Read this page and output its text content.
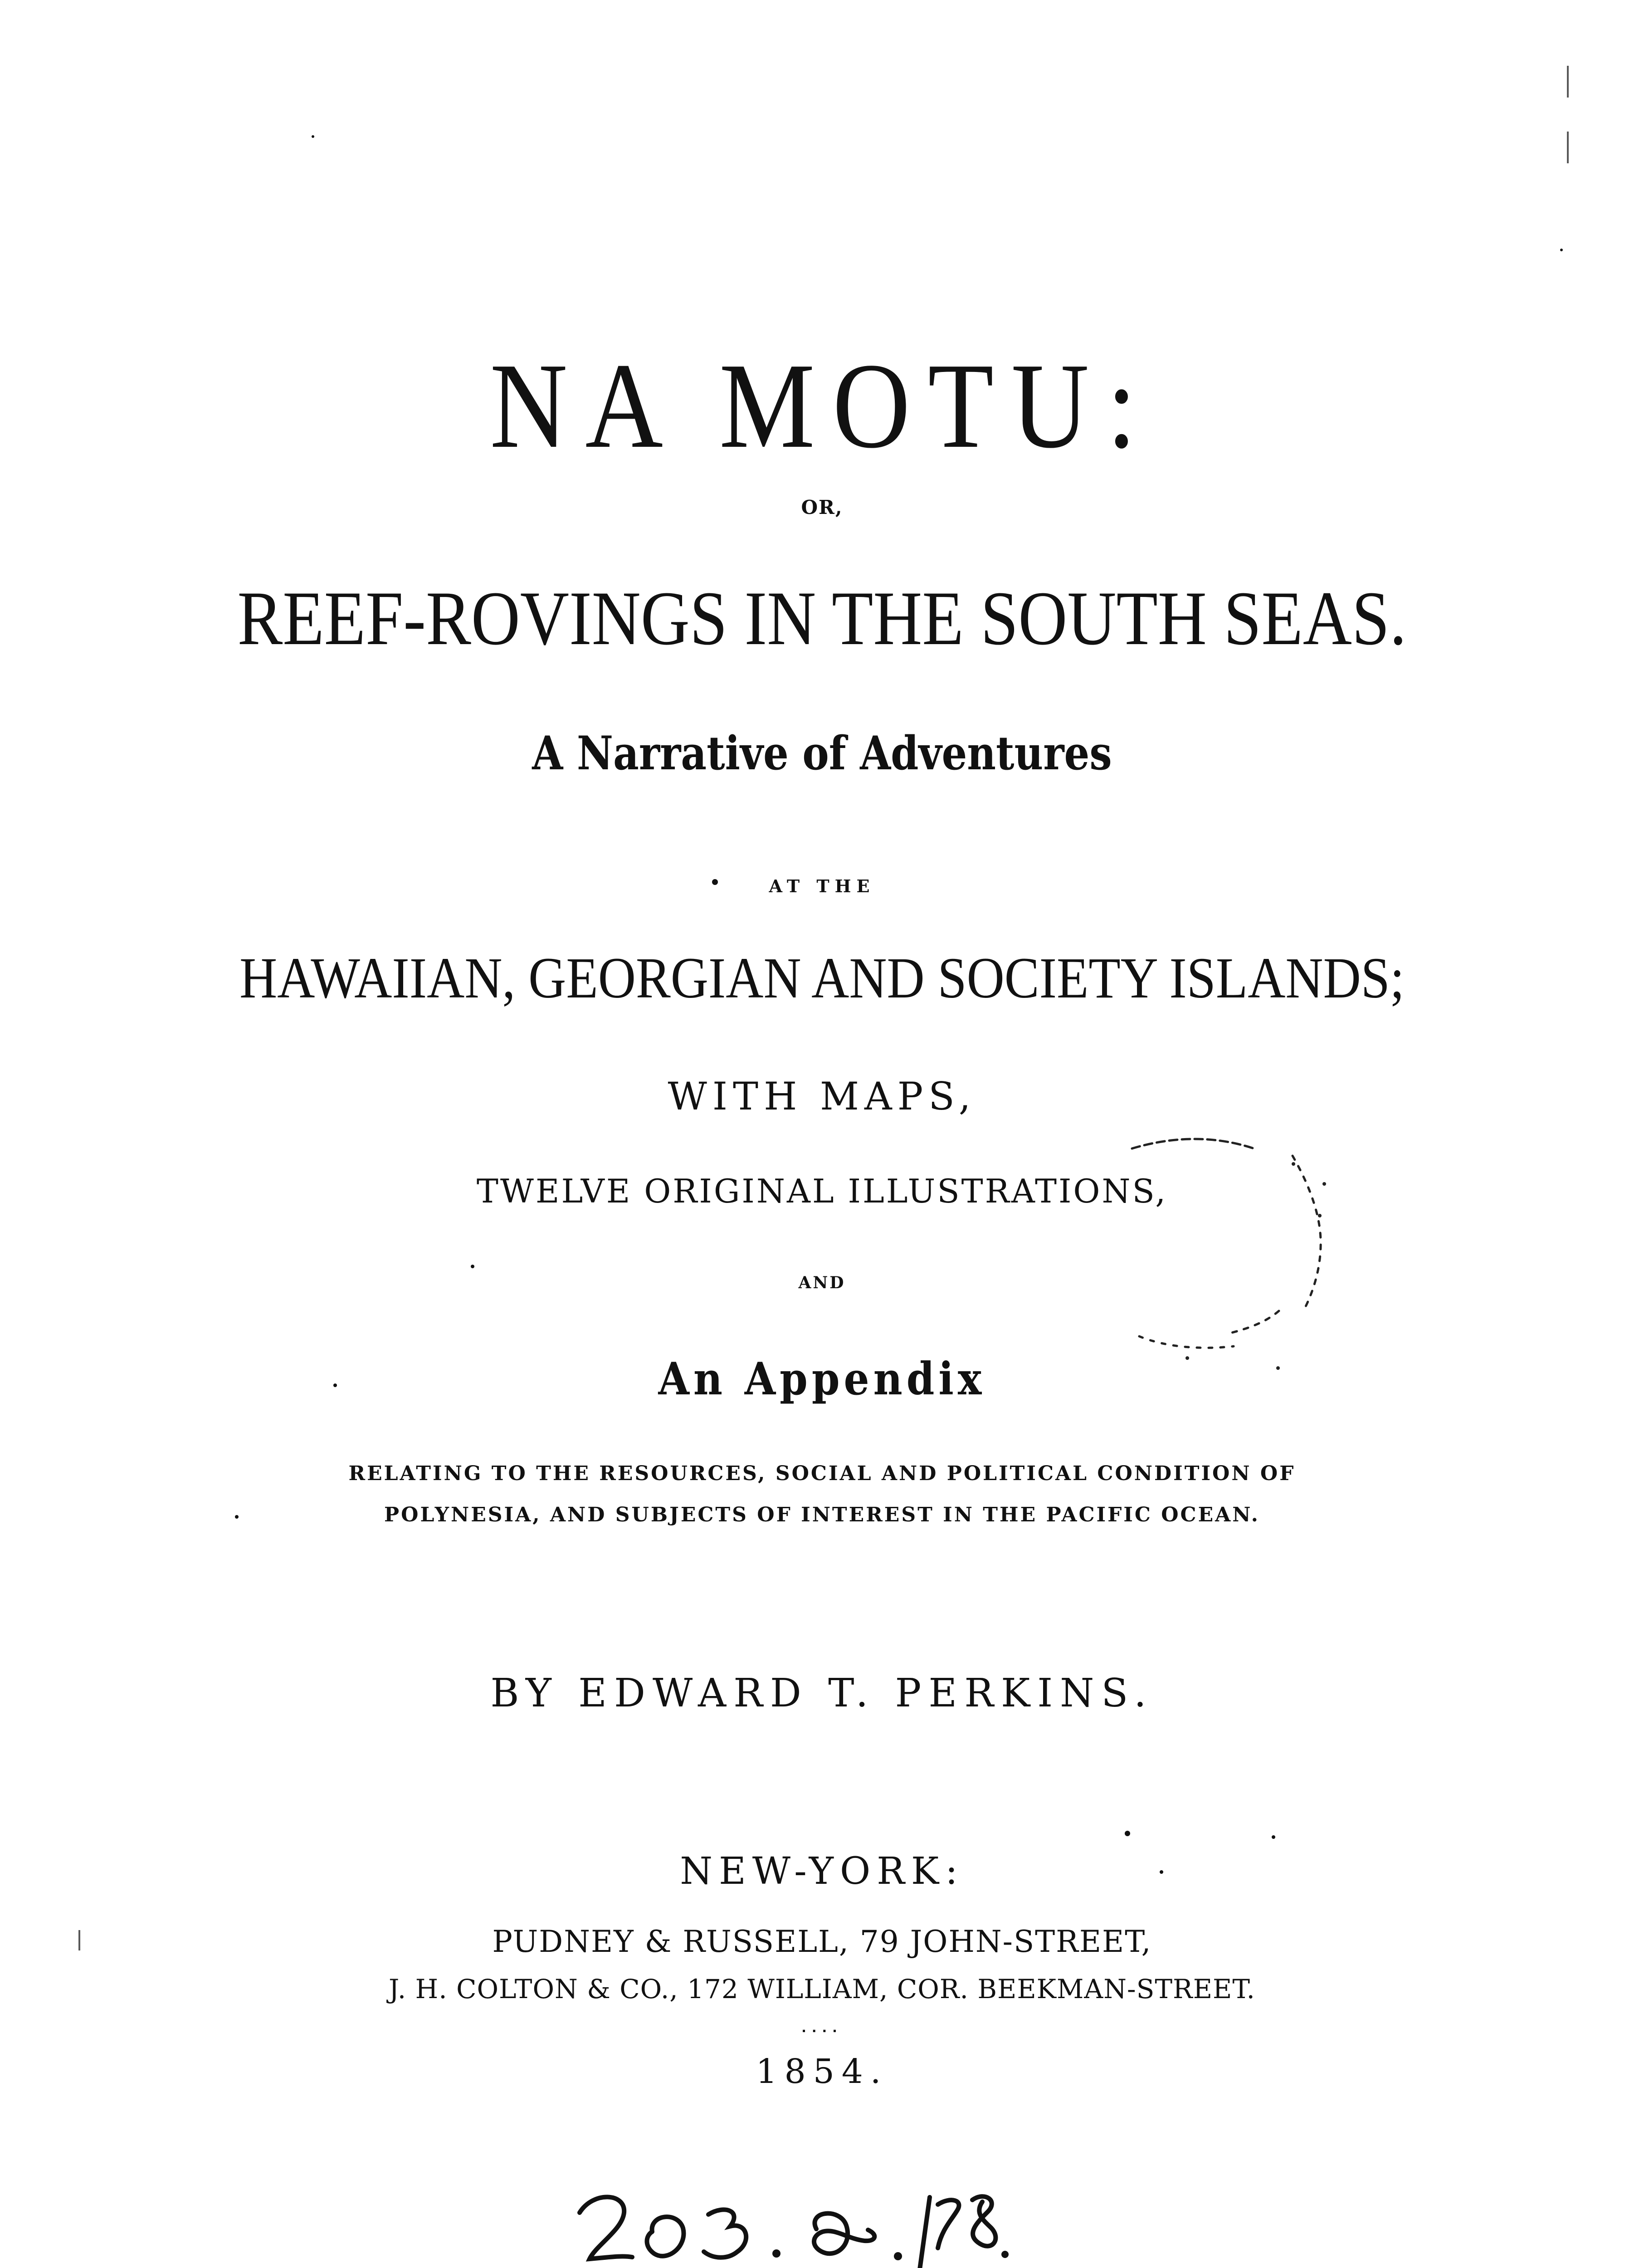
NA MOTU:
OR,
REEF-ROVINGS IN THE SOUTH SEAS.
A Narrative of Adventures
AT THE
HAWAIIAN, GEORGIAN AND SOCIETY ISLANDS;
WITH MAPS,
TWELVE ORIGINAL ILLUSTRATIONS,
AND
An Appendix
RELATING TO THE RESOURCES, SOCIAL AND POLITICAL CONDITION OF
POLYNESIA, AND SUBJECTS OF INTEREST IN THE PACIFIC OCEAN.
BY EDWARD T. PERKINS.
NEW-YORK:
PUDNEY & RUSSELL, 79 JOHN-STREET,
J. H. COLTON & CO., 172 WILLIAM, COR. BEEKMAN-STREET.
....
1854.
